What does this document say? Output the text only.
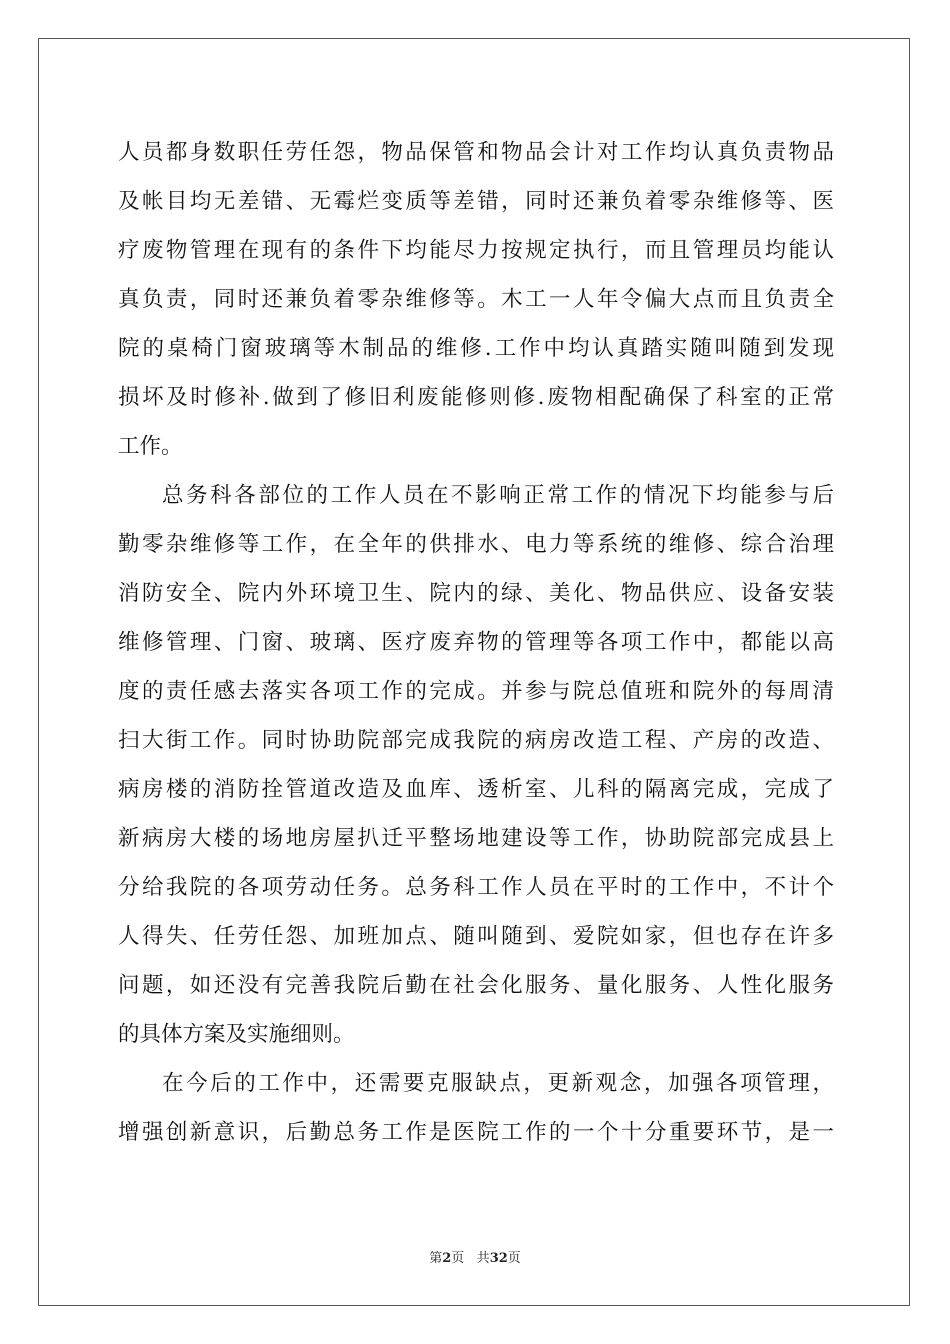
人员都身数职任劳任怨，物品保管和物品会计对工作均认真负责物品
及帐目均无差错、无霉烂变质等差错，同时还兼负着零杂维修等、医
疗废物管理在现有的条件下均能尽力按规定执行，而且管理员均能认
真负责，同时还兼负着零杂维修等。木工一人年令偏大点而且负责全
院的桌椅门窗玻璃等木制品的维修.工作中均认真踏实随叫随到发现
损坏及时修补.做到了修旧利废能修则修.废物相配确保了科室的正常
工作。
总务科各部位的工作人员在不影响正常工作的情况下均能参与后
勤零杂维修等工作，在全年的供排水、电力等系统的维修、综合治理
消防安全、院内外环境卫生、院内的绿、美化、物品供应、设备安装
维修管理、门窗、玻璃、医疗废弃物的管理等各项工作中，都能以高
度的责任感去落实各项工作的完成。并参与院总值班和院外的每周清
扫大街工作。同时协助院部完成我院的病房改造工程、产房的改造、
病房楼的消防拴管道改造及血库、透析室、儿科的隔离完成，完成了
新病房大楼的场地房屋扒迁平整场地建设等工作，协助院部完成县上
分给我院的各项劳动任务。总务科工作人员在平时的工作中，不计个
人得失、任劳任怨、加班加点、随叫随到、爱院如家，但也存在许多
问题，如还没有完善我院后勤在社会化服务、量化服务、人性化服务
的具体方案及实施细则。
在今后的工作中，还需要克服缺点，更新观念，加强各项管理，
增强创新意识，后勤总务工作是医院工作的一个十分重要环节，是一
第2页 共32页
